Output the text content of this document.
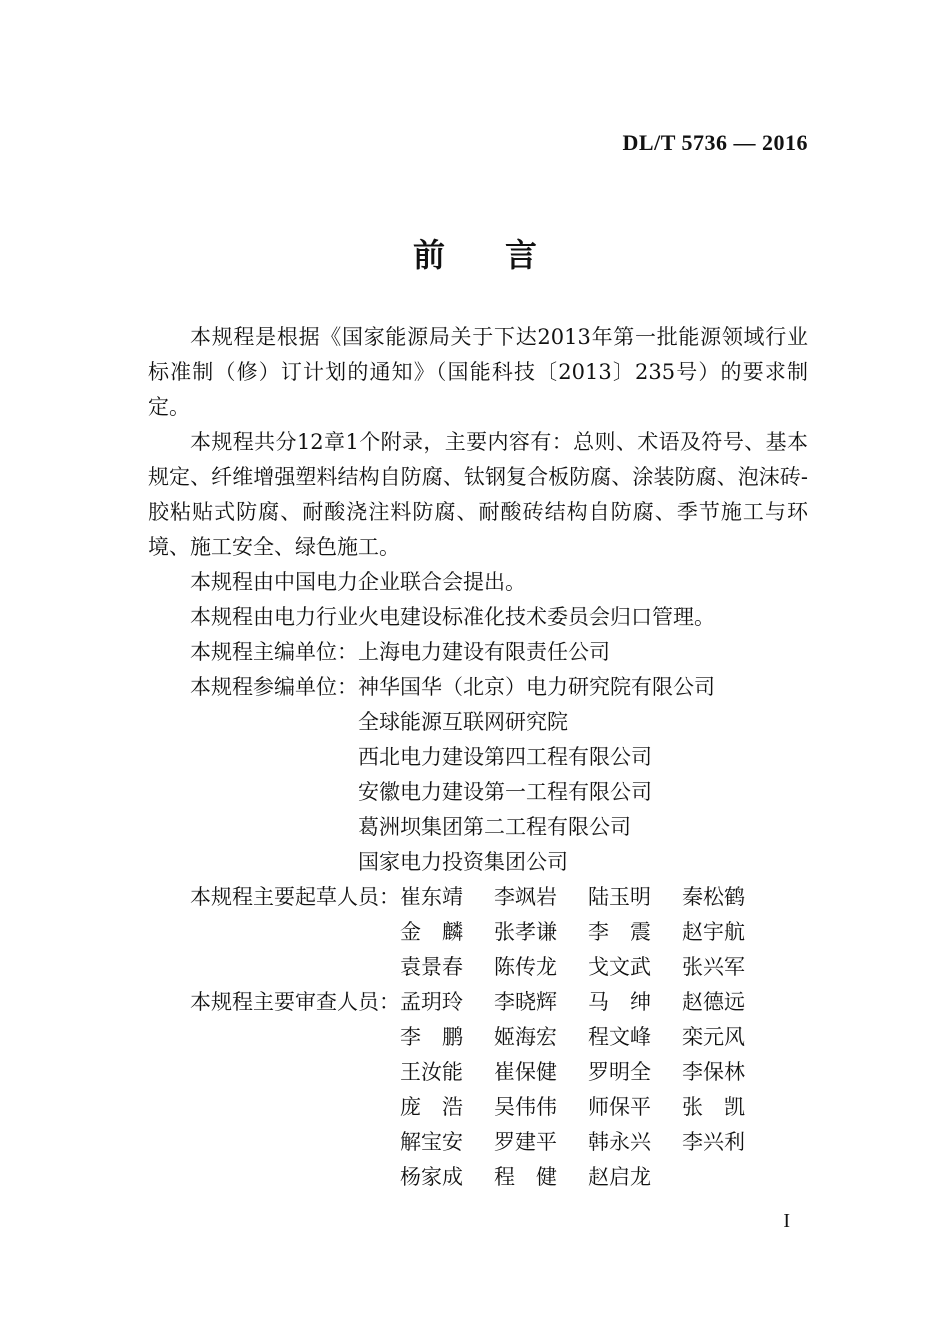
DL/T 5736 — 2016
前言

本规程是根据《国家能源局关于下达2013年第一批能源领域行业标准制（修）订计划的通知》（国能科技〔2013〕235号）的要求制定。

本规程共分12章1个附录，主要内容有：总则、术语及符号、基本规定、纤维增强塑料结构自防腐、钛钢复合板防腐、涂装防腐、泡沫砖-胶粘贴式防腐、耐酸浇注料防腐、耐酸砖结构自防腐、季节施工与环境、施工安全、绿色施工。

本规程由中国电力企业联合会提出。

本规程由电力行业火电建设标准化技术委员会归口管理。

本规程主编单位： 上海电力建设有限责任公司
本规程参编单位： 神华国华（北京）电力研究院有限公司
全球能源互联网研究院
西北电力建设第四工程有限公司
安徽电力建设第一工程有限公司
葛洲坝集团第二工程有限公司
国家电力投资集团公司
本规程主要起草人员： 崔东靖	李飒岩	陆玉明	秦松鹤
金　麟	张孝谦	李　震	赵宇航
袁景春	陈传龙	戈文武	张兴军
本规程主要审查人员： 孟玥玲	李晓辉	马　绅	赵德远
李　鹏	姬海宏	程文峰	栾元风
王汝能	崔保健	罗明全	李保林
庞　浩	吴伟伟	师保平	张　凯
解宝安	罗建平	韩永兴	李兴利
杨家成	程　健	赵启龙
I
